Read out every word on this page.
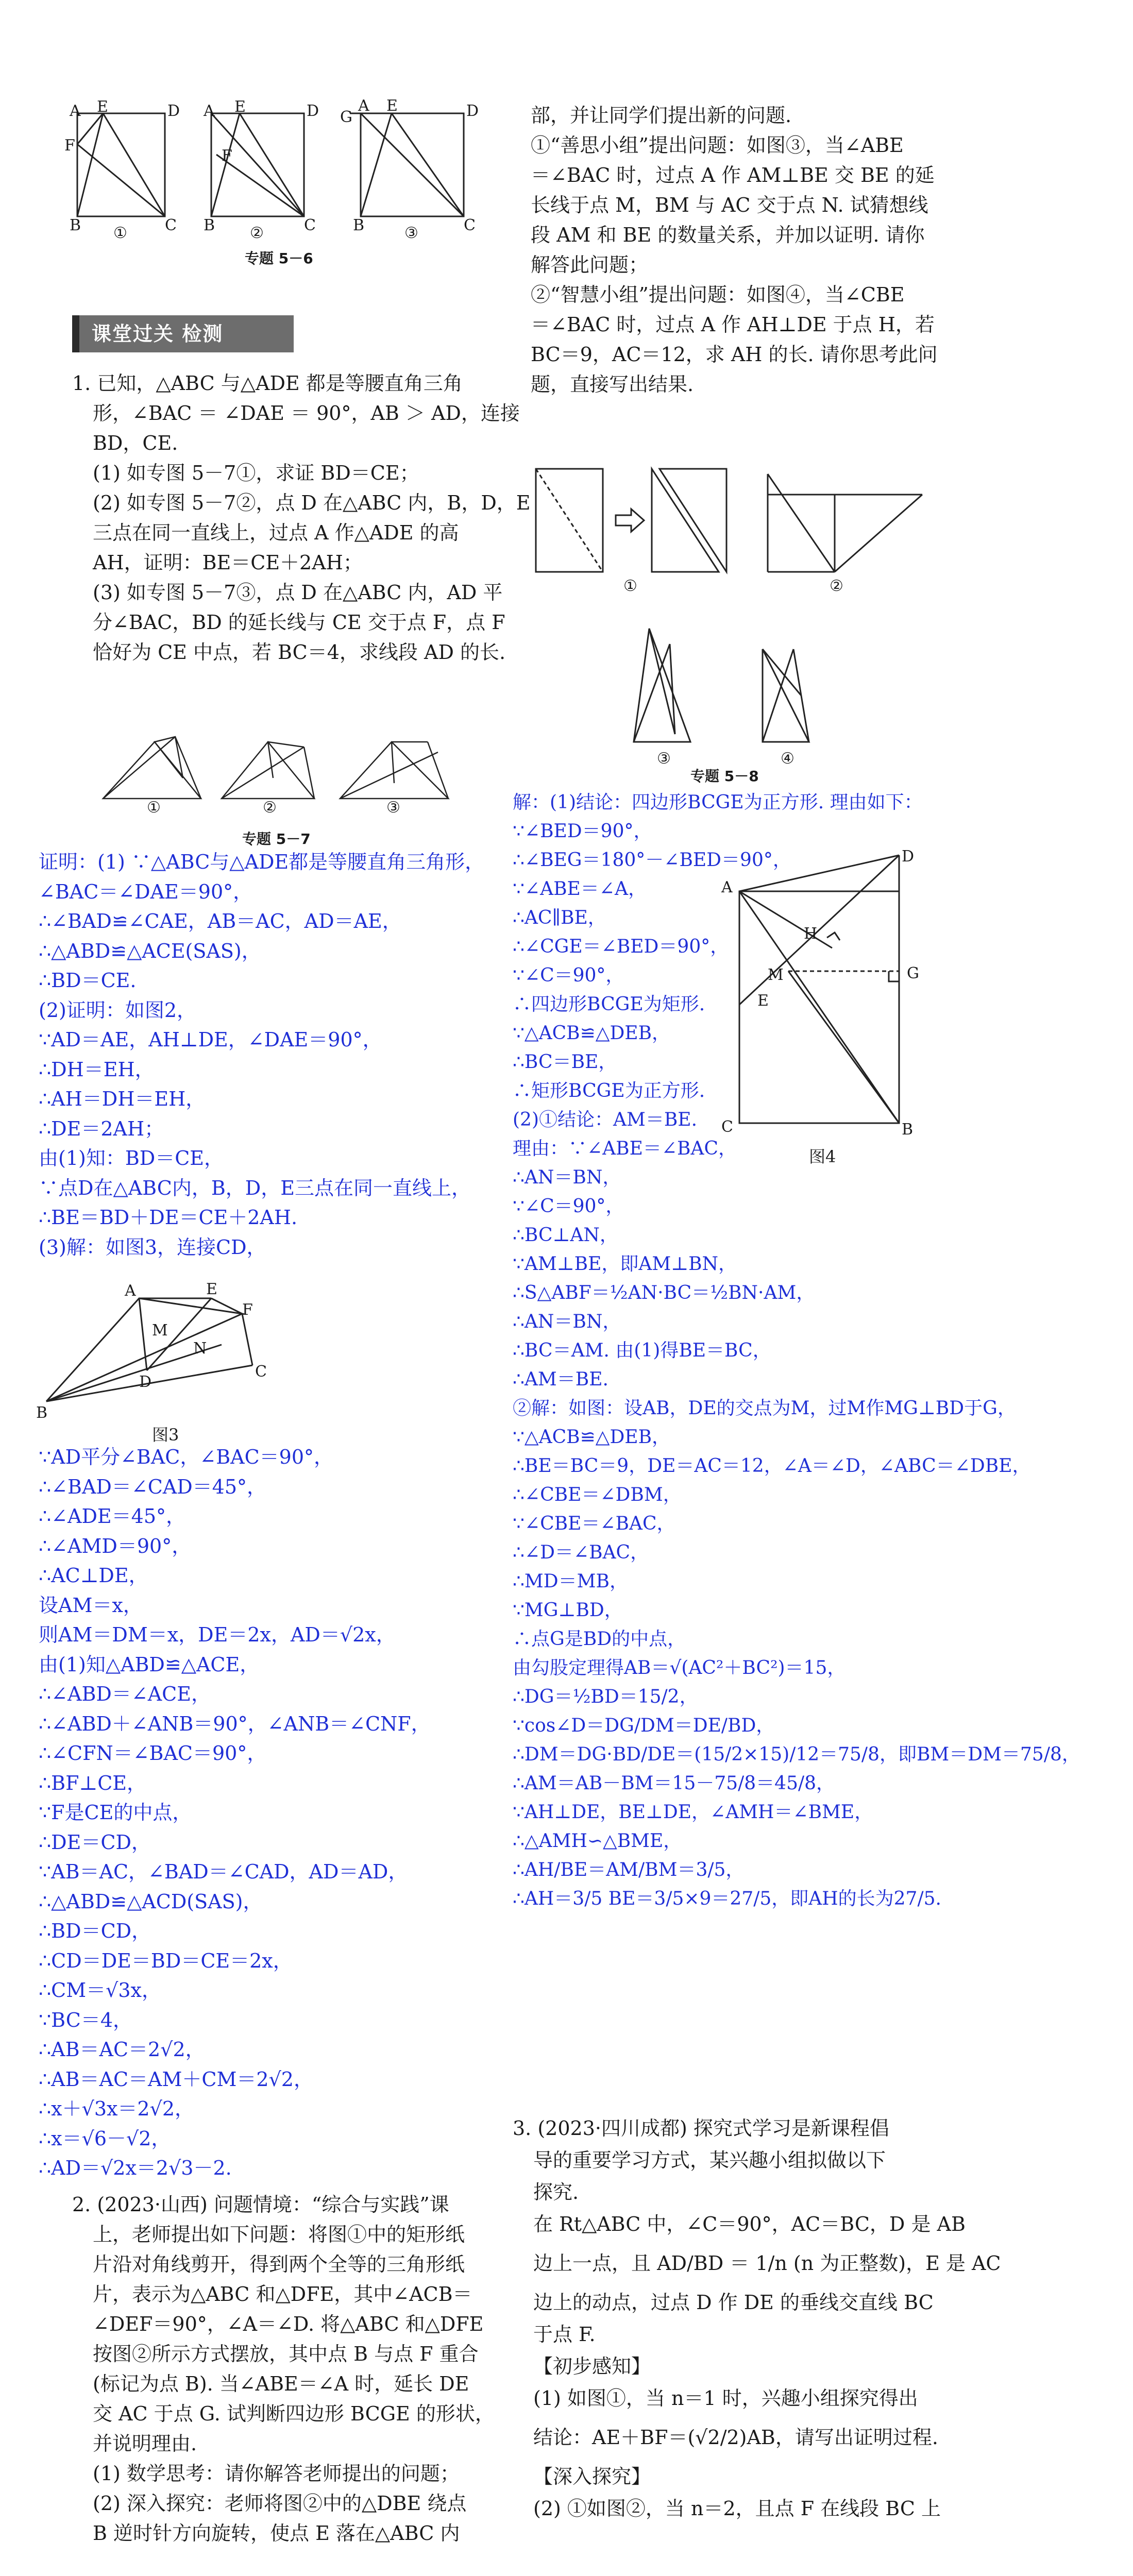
A E	D
F
B	C
A E	D
F
B	C
G
A E	D
B	C
①	②	③
专题 5－6
部，并让同学们提出新的问题.
①“善思小组”提出问题：如图③，当∠ABE
＝∠BAC 时，过点 A 作 AM⊥BE 交 BE 的延
长线于点 M，BM 与 AC 交于点 N. 试猜想线
段 AM 和 BE 的数量关系，并加以证明. 请你
解答此问题；
②“智慧小组”提出问题：如图④，当∠CBE
＝∠BAC 时，过点 A 作 AH⊥DE 于点 H，若
BC＝9，AC＝12，求 AH 的长. 请你思考此问
题，直接写出结果.
①	②
③	④
专题 5－8
课堂过关 检测
1. 已知，△ABC 与△ADE 都是等腰直角三角
形，∠BAC ＝ ∠DAE ＝ 90°，AB ＞ AD，连接
BD，CE.
(1) 如专图 5－7①，求证 BD＝CE；
(2) 如专图 5－7②，点 D 在△ABC 内，B，D，E
三点在同一直线上，过点 A 作△ADE 的高
AH，证明：BE＝CE＋2AH；
(3) 如专图 5－7③，点 D 在△ABC 内，AD 平
分∠BAC，BD 的延长线与 CE 交于点 F，点 F
恰好为 CE 中点，若 BC＝4，求线段 AD 的长.
①	②	③
专题 5－7
证明：(1) ∵△ABC与△ADE都是等腰直角三角形，
∠BAC＝∠DAE＝90°，
∴∠BAD≌∠CAE，AB＝AC，AD＝AE，
∴△ABD≌△ACE(SAS)，
∴BD＝CE.
(2)证明：如图2，
∵AD＝AE，AH⊥DE，∠DAE＝90°，
∴DH＝EH，
∴AH＝DH＝EH，
∴DE＝2AH；
由(1)知：BD＝CE，
∵点D在△ABC内，B，D，E三点在同一直线上，
∴BE＝BD＋DE＝CE＋2AH.
(3)解：如图3，连接CD，
A	E
F
M
N
D
B
C
图3
∵AD平分∠BAC，∠BAC＝90°，
∴∠BAD＝∠CAD＝45°，
∴∠ADE＝45°，
∴∠AMD＝90°，
∴AC⊥DE，
设AM＝x，
则AM＝DM＝x，DE＝2x，AD＝√2x，
由(1)知△ABD≌△ACE，
∴∠ABD＝∠ACE，
∴∠ABD＋∠ANB＝90°，∠ANB＝∠CNF，
∴∠CFN＝∠BAC＝90°，
∴BF⊥CE，
∵F是CE的中点，
∴DE＝CD，
∵AB＝AC，∠BAD＝∠CAD，AD＝AD，
∴△ABD≌△ACD(SAS)，
∴BD＝CD，
∴CD＝DE＝BD＝CE＝2x，
∴CM＝√3x，
∵BC＝4，
∴AB＝AC＝2√2，
∴AB＝AC＝AM＋CM＝2√2，
∴x＋√3x＝2√2，
∴x＝√6－√2，
∴AD＝√2x＝2√3－2.
2. (2023·山西) 问题情境：“综合与实践”课
上，老师提出如下问题：将图①中的矩形纸
片沿对角线剪开，得到两个全等的三角形纸
片，表示为△ABC 和△DFE，其中∠ACB＝
∠DEF＝90°，∠A＝∠D. 将△ABC 和△DFE
按图②所示方式摆放，其中点 B 与点 F 重合
(标记为点 B). 当∠ABE＝∠A 时，延长 DE
交 AC 于点 G. 试判断四边形 BCGE 的形状，
并说明理由.
(1) 数学思考：请你解答老师提出的问题；
(2) 深入探究：老师将图②中的△DBE 绕点
B 逆时针方向旋转，使点 E 落在△ABC 内
解：(1)结论：四边形BCGE为正方形. 理由如下：
∵∠BED＝90°，
∴∠BEG＝180°－∠BED＝90°，
∵∠ABE＝∠A，
∴AC∥BE，
∴∠CGE＝∠BED＝90°，
∵∠C＝90°，
∴四边形BCGE为矩形.
∵△ACB≌△DEB，
∴BC＝BE，
∴矩形BCGE为正方形.
(2)①结论：AM＝BE.
理由：∵∠ABE＝∠BAC，
∴AN＝BN，
∵∠C＝90°，
∴BC⊥AN，
∵AM⊥BE，即AM⊥BN，
∴S△ABF＝½AN·BC＝½BN·AM，
∴AN＝BN，
∴BC＝AM. 由(1)得BE＝BC，
∴AM＝BE.
②解：如图：设AB，DE的交点为M，过M作MG⊥BD于G，
∵△ACB≌△DEB，
∴BE＝BC＝9，DE＝AC＝12，∠A＝∠D，∠ABC＝∠DBE，
∴∠CBE＝∠DBM，
∵∠CBE＝∠BAC，
∴∠D＝∠BAC，
∴MD＝MB，
∵MG⊥BD，
∴点G是BD的中点，
由勾股定理得AB＝√(AC²＋BC²)＝15，
∴DG＝½BD＝15/2，
∵cos∠D＝DG/DM＝DE/BD，
∴DM＝DG·BD/DE＝(15/2×15)/12＝75/8，即BM＝DM＝75/8，
∴AM＝AB－BM＝15－75/8＝45/8，
∵AH⊥DE，BE⊥DE，∠AMH＝∠BME，
∴△AMH∽△BME，
∴AH/BE＝AM/BM＝3/5，
∴AH＝3/5 BE＝3/5×9＝27/5，即AH的长为27/5.
D
A
H
M	G
E
C	B
图4
3. (2023·四川成都) 探究式学习是新课程倡
导的重要学习方式，某兴趣小组拟做以下
探究.
在 Rt△ABC 中，∠C＝90°，AC＝BC，D 是 AB
边上一点，且 AD/BD ＝ 1/n (n 为正整数)，E 是 AC
边上的动点，过点 D 作 DE 的垂线交直线 BC
于点 F.
【初步感知】
(1) 如图①，当 n＝1 时，兴趣小组探究得出
结论：AE＋BF＝(√2/2)AB，请写出证明过程.
【深入探究】
(2) ①如图②，当 n＝2，且点 F 在线段 BC 上
